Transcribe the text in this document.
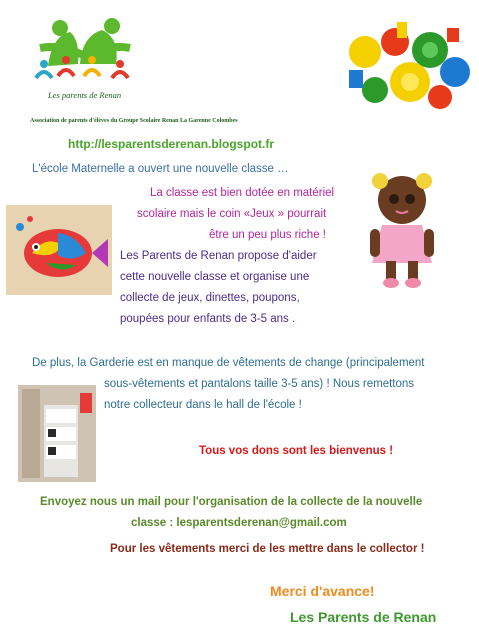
Les parents de Renan
Association de parents d'élèves du Groupe Scolaire Renan La Garenne Colombes
http://lesparentsderenan.blogspot.fr
L'école Maternelle a ouvert une nouvelle classe …
La classe est bien dotée en matériel
scolaire mais le coin «Jeux » pourrait
être un peu plus riche !
Les Parents de Renan propose d'aider
cette nouvelle classe et organise une
collecte de jeux, dinettes, poupons,
poupées pour enfants de 3-5 ans .
De plus, la Garderie est en manque de vêtements de change (principalement
sous-vêtements et pantalons taille 3-5 ans) ! Nous remettons
notre collecteur dans le hall de l'école !
Tous vos dons sont les bienvenus !
Envoyez nous un mail pour l'organisation de la collecte de la nouvelle
classe : lesparentsderenan@gmail.com
Pour les vêtements merci de les mettre dans le collector !
Merci d'avance!
Les Parents de Renan
